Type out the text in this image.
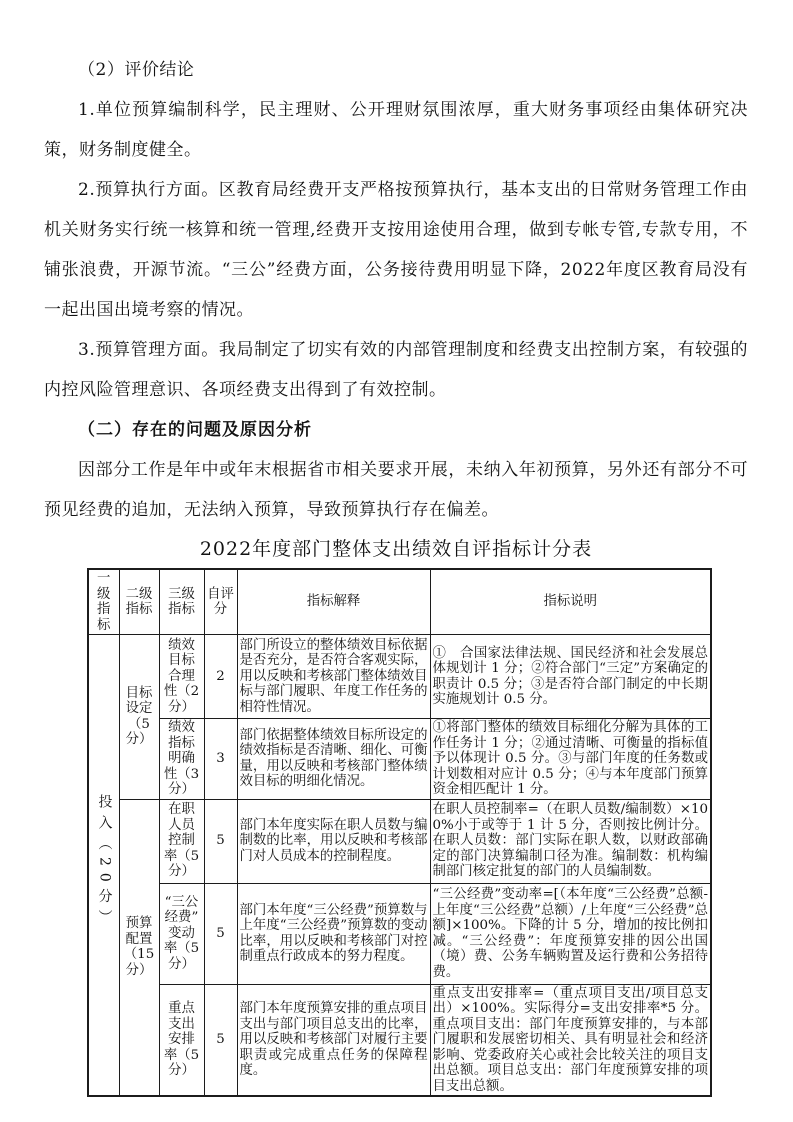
（2）评价结论

1.单位预算编制科学，民主理财、公开理财氛围浓厚，重大财务事项经由集体研究决策，财务制度健全。

2.预算执行方面。区教育局经费开支严格按预算执行，基本支出的日常财务管理工作由机关财务实行统一核算和统一管理,经费开支按用途使用合理，做到专帐专管,专款专用，不铺张浪费，开源节流。“三公”经费方面，公务接待费用明显下降，2022年度区教育局没有一起出国出境考察的情况。

3.预算管理方面。我局制定了切实有效的内部管理制度和经费支出控制方案，有较强的内控风险管理意识、各项经费支出得到了有效控制。

（二）存在的问题及原因分析

因部分工作是年中或年末根据省市相关要求开展，未纳入年初预算，另外还有部分不可预见经费的追加，无法纳入预算，导致预算执行存在偏差。

2022年度部门整体支出绩效自评指标计分表

一级指标	二级指标	三级指标	自评分	指标解释	指标说明
投入（20分）	目标设定（5分）	绩效目标合理性（2分）	2	部门所设立的整体绩效目标依据是否充分，是否符合客观实际，用以反映和考核部门整体绩效目标与部门履职、年度工作任务的相符性情况。	①　合国家法律法规、国民经济和社会发展总体规划计 1 分；②符合部门“三定”方案确定的职责计 0.5 分；③是否符合部门制定的中长期实施规划计 0.5 分。
		绩效指标明确性（3分）	3	部门依据整体绩效目标所设定的绩效指标是否清晰、细化、可衡量，用以反映和考核部门整体绩效目标的明细化情况。	①将部门整体的绩效目标细化分解为具体的工作任务计 1 分；②通过清晰、可衡量的指标值予以体现计 0.5 分。③与部门年度的任务数或计划数相对应计 0.5 分；④与本年度部门预算资金相匹配计 1 分。
	预算配置（15分）	在职人员控制率（5分）	5	部门本年度实际在职人员数与编制数的比率，用以反映和考核部门对人员成本的控制程度。	在职人员控制率=（在职人员数/编制数）×100%小于或等于 1 计 5 分，否则按比例计分。在职人员数：部门实际在职人数，以财政部确定的部门决算编制口径为准。编制数：机构编制部门核定批复的部门的人员编制数。
		“三公经费”变动率（5分）	5	部门本年度“三公经费”预算数与上年度“三公经费”预算数的变动比率，用以反映和考核部门对控制重点行政成本的努力程度。	“三公经费”变动率=[（本年度“三公经费”总额-上年度“三公经费”总额）/上年度“三公经费”总额]×100%。下降的计 5 分，增加的按比例扣减。“三公经费”：年度预算安排的因公出国（境）费、公务车辆购置及运行费和公务招待费。
		重点支出安排率（5分）	5	部门本年度预算安排的重点项目支出与部门项目总支出的比率，用以反映和考核部门对履行主要职责或完成重点任务的保障程度。	重点支出安排率=（重点项目支出/项目总支出）×100%。实际得分=支出安排率*5 分。重点项目支出：部门年度预算安排的，与本部门履职和发展密切相关、具有明显社会和经济影响、党委政府关心或社会比较关注的项目支出总额。项目总支出：部门年度预算安排的项目支出总额。
